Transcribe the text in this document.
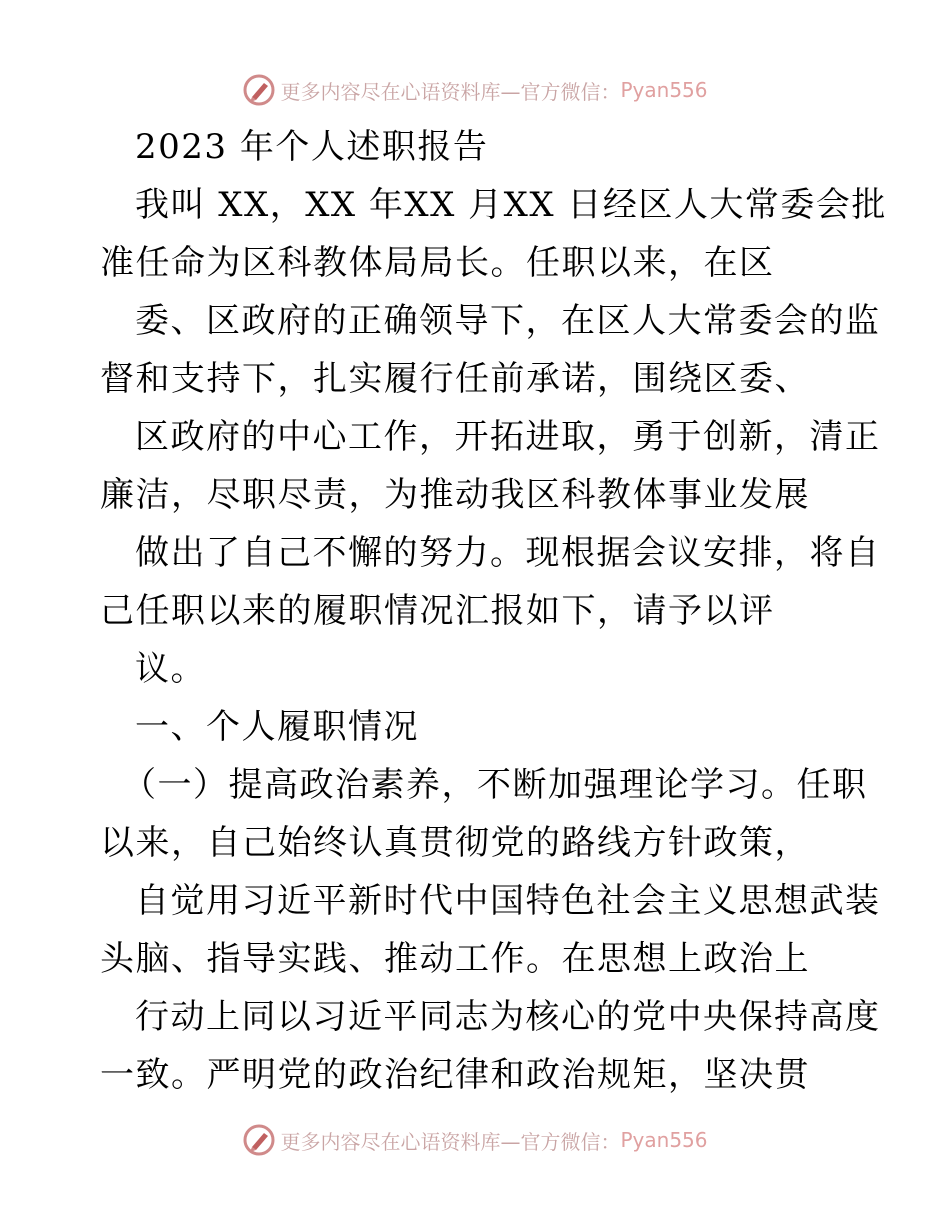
更多内容尽在心语资料库—官方微信： Pyan556
2023 年个人述职报告
我叫 XX，XX 年XX 月XX 日经区人大常委会批
准任命为区科教体局局长。任职以来，在区
委、区政府的正确领导下，在区人大常委会的监
督和支持下，扎实履行任前承诺，围绕区委、
区政府的中心工作，开拓进取，勇于创新，清正
廉洁，尽职尽责，为推动我区科教体事业发展
做出了自己不懈的努力。现根据会议安排，将自
己任职以来的履职情况汇报如下，请予以评
议。
一、个人履职情况
（一）提高政治素养，不断加强理论学习。任职
以来，自己始终认真贯彻党的路线方针政策，
自觉用习近平新时代中国特色社会主义思想武装
头脑、指导实践、推动工作。在思想上政治上
行动上同以习近平同志为核心的党中央保持高度
一致。严明党的政治纪律和政治规矩，坚决贯
更多内容尽在心语资料库—官方微信： Pyan556
